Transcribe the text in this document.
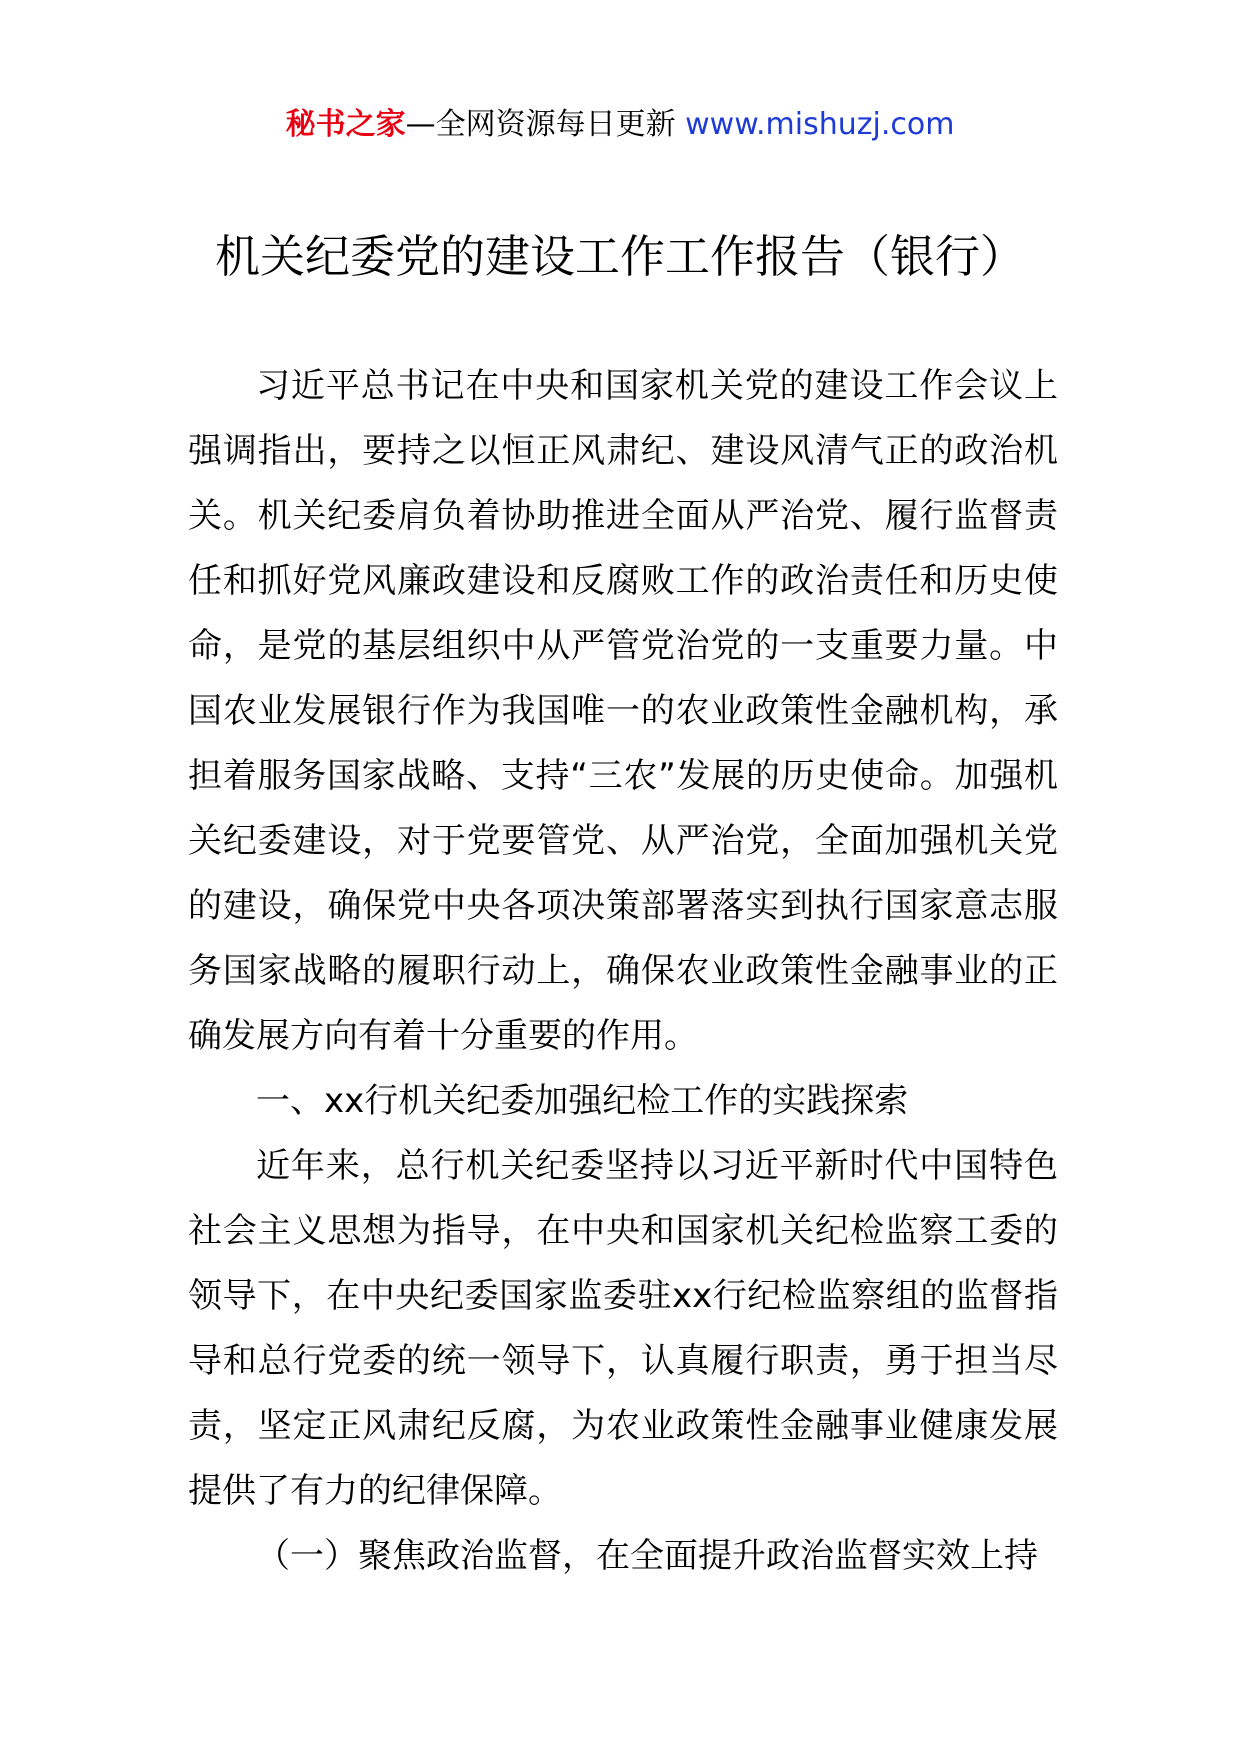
秘书之家—全网资源每日更新 www.mishuzj.com
机关纪委党的建设工作工作报告（银行）

习近平总书记在中央和国家机关党的建设工作会议上强调指出，要持之以恒正风肃纪、建设风清气正的政治机关。机关纪委肩负着协助推进全面从严治党、履行监督责任和抓好党风廉政建设和反腐败工作的政治责任和历史使命，是党的基层组织中从严管党治党的一支重要力量。中国农业发展银行作为我国唯一的农业政策性金融机构，承担着服务国家战略、支持“三农”发展的历史使命。加强机关纪委建设，对于党要管党、从严治党，全面加强机关党的建设，确保党中央各项决策部署落实到执行国家意志服务国家战略的履职行动上，确保农业政策性金融事业的正确发展方向有着十分重要的作用。

一、xx行机关纪委加强纪检工作的实践探索

近年来，总行机关纪委坚持以习近平新时代中国特色社会主义思想为指导，在中央和国家机关纪检监察工委的领导下，在中央纪委国家监委驻xx行纪检监察组的监督指导和总行党委的统一领导下，认真履行职责，勇于担当尽责，坚定正风肃纪反腐，为农业政策性金融事业健康发展提供了有力的纪律保障。

（一）聚焦政治监督，在全面提升政治监督实效上持
